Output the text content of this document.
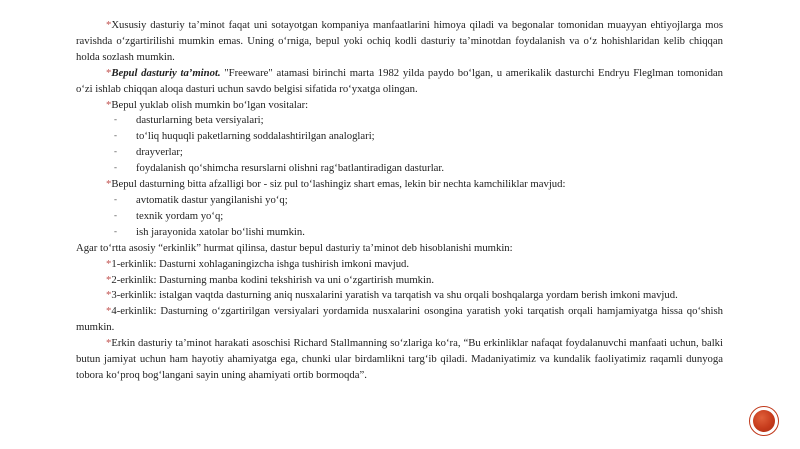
*Xususiy dasturiy taʼminot faqat uni sotayotgan kompaniya manfaatlarini himoya qiladi va begonalar tomonidan muayyan ehtiyojlarga mos ravishda oʻzgartirilishi mumkin emas. Uning oʻrniga, bepul yoki ochiq kodli dasturiy taʼminotdan foydalanish va oʻz hohishlaridan kelib chiqqan holda sozlash mumkin.

*Bepul dasturiy taʼminot. "Freeware" atamasi birinchi marta 1982 yilda paydo boʻlgan, u amerikalik dasturchi Endryu Flеglman tomonidan oʻzi ishlab chiqqan aloqa dasturi uchun savdo belgisi sifatida roʻyxatga olingan.

*Bepul yuklab olish mumkin boʻlgan vositalar:

- dasturlarning beta versiyalari;

- toʻliq huquqli paketlarning soddalashtirilgan analoglari;

- drayverlar;

- foydalanish qoʻshimcha resurslarni olishni ragʻbatlantiradigan dasturlar.

*Bepul dasturning bitta afzalligi bor - siz pul toʻlashingiz shart emas, lekin bir nechta kamchiliklar mavjud:

- avtomatik dastur yangilanishi yoʻq;

- texnik yordam yoʻq;

- ish jarayonida xatolar boʻlishi mumkin.

Agar toʻrtta asosiy “erkinlik” hurmat qilinsa, dastur bepul dasturiy taʼminot deb hisoblanishi mumkin:

*1-erkinlik: Dasturni xohlaganingizcha ishga tushirish imkoni mavjud.

*2-erkinlik: Dasturning manba kodini tekshirish va uni oʻzgartirish mumkin.

*3-erkinlik: istalgan vaqtda dasturning aniq nusxalarini yaratish va tarqatish va shu orqali boshqalarga yordam berish imkoni mavjud.

*4-erkinlik: Dasturning oʻzgartirilgan versiyalari yordamida nusxalarini osongina yaratish yoki tarqatish orqali hamjamiyatga hissa qoʻshish mumkin.

*Erkin dasturiy taʼminot harakati asoschisi Richard Stallmanning soʻzlariga koʻra, “Bu erkinliklar nafaqat foydalanuvchi manfaati uchun, balki butun jamiyat uchun ham hayotiy ahamiyatga ega, chunki ular birdamlikni targʻib qiladi. Madaniyatimiz va kundalik faoliyatimiz raqamli dunyoga tobora koʻproq bogʻlangani sayin uning ahamiyati ortib bormoqda”.
